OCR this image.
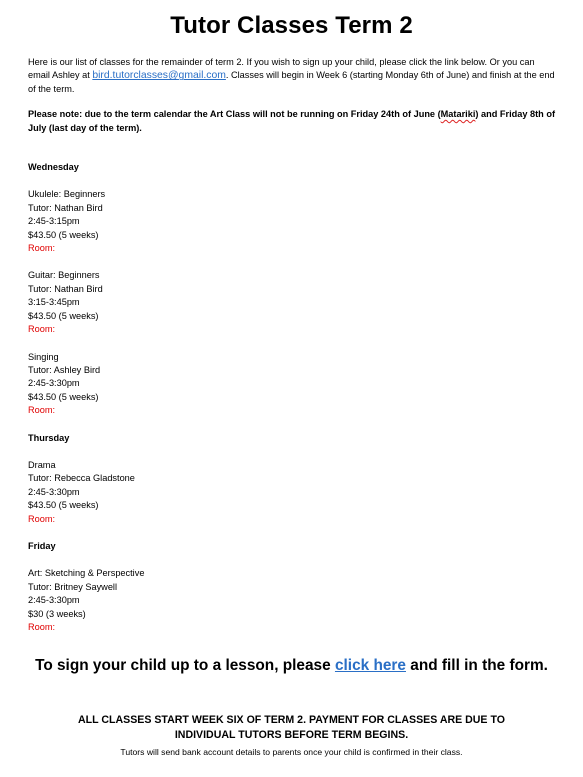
Tutor Classes Term 2

Here is our list of classes for the remainder of term 2. If you wish to sign up your child, please click the link below. Or you can email Ashley at bird.tutorclasses@gmail.com. Classes will begin in Week 6 (starting Monday 6th of June) and finish at the end of the term.

Please note: due to the term calendar the Art Class will not be running on Friday 24th of June (Matariki) and Friday 8th of July (last day of the term).

Wednesday

Ukulele: Beginners

Tutor: Nathan Bird

2:45-3:15pm

$43.50 (5 weeks)

Room:

Guitar: Beginners

Tutor: Nathan Bird

3:15-3:45pm

$43.50 (5 weeks)

Room:

Singing

Tutor: Ashley Bird

2:45-3:30pm

$43.50 (5 weeks)

Room:

Thursday

Drama

Tutor: Rebecca Gladstone

2:45-3:30pm

$43.50 (5 weeks)

Room:

Friday

Art: Sketching & Perspective

Tutor: Britney Saywell

2:45-3:30pm

$30 (3 weeks)

Room:

To sign your child up to a lesson, please click here and fill in the form.
ALL CLASSES START WEEK SIX OF TERM 2. PAYMENT FOR CLASSES ARE DUE TO
INDIVIDUAL TUTORS BEFORE TERM BEGINS.
Tutors will send bank account details to parents once your child is confirmed in their class.
